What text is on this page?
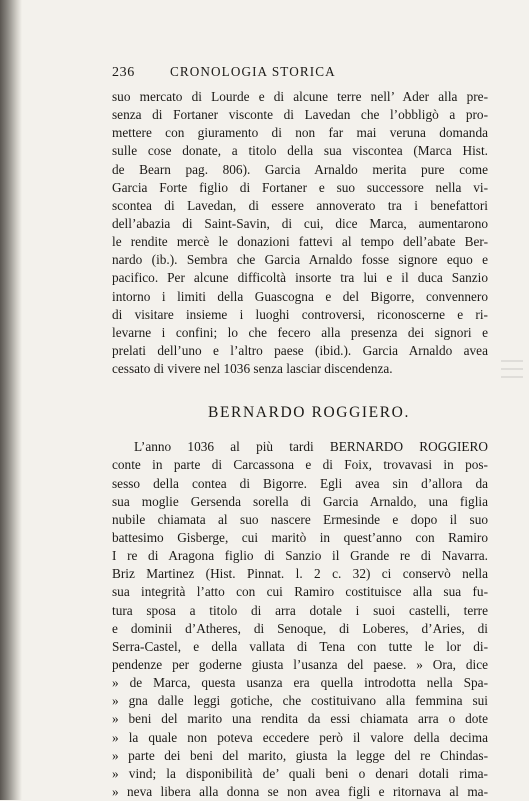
236	CRONOLOGIA STORICA
suo mercato di Lourde e di alcune terre nell’ Ader alla pre-
senza di Fortaner visconte di Lavedan che l’obbligò a pro-
mettere con giuramento di non far mai veruna domanda
sulle cose donate, a titolo della sua viscontea (Marca Hist.
de Bearn pag. 806). Garcia Arnaldo merita pure come
Garcia Forte figlio di Fortaner e suo successore nella vi-
scontea di Lavedan, di essere annoverato tra i benefattori
dell’abazia di Saint-Savin, di cui, dice Marca, aumentarono
le rendite mercè le donazioni fattevi al tempo dell’abate Ber-
nardo (ib.). Sembra che Garcia Arnaldo fosse signore equo e
pacifico. Per alcune difficoltà insorte tra lui e il duca Sanzio
intorno i limiti della Guascogna e del Bigorre, convennero
di visitare insieme i luoghi controversi, riconoscerne e ri-
levarne i confini; lo che fecero alla presenza dei signori e
prelati dell’uno e l’altro paese (ibid.). Garcia Arnaldo avea
cessato di vivere nel 1036 senza lasciar discendenza.
BERNARDO ROGGIERO.
L’anno 1036 al più tardi BERNARDO ROGGIERO
conte in parte di Carcassona e di Foix, trovavasi in pos-
sesso della contea di Bigorre. Egli avea sin d’allora da
sua moglie Gersenda sorella di Garcia Arnaldo, una figlia
nubile chiamata al suo nascere Ermesinde e dopo il suo
battesimo Gisberge, cui maritò in quest’anno con Ramiro
I re di Aragona figlio di Sanzio il Grande re di Navarra.
Briz Martinez (Hist. Pinnat. l. 2 c. 32) ci conservò nella
sua integrità l’atto con cui Ramiro costituisce alla sua fu-
tura sposa a titolo di arra dotale i suoi castelli, terre
e dominii d’Atheres, di Senoque, di Loberes, d’Aries, di
Serra-Castel, e della vallata di Tena con tutte le lor di-
pendenze per goderne giusta l’usanza del paese. » Ora, dice
» de Marca, questa usanza era quella introdotta nella Spa-
» gna dalle leggi gotiche, che costituivano alla femmina sui
» beni del marito una rendita da essi chiamata arra o dote
» la quale non poteva eccedere però il valore della decima
» parte dei beni del marito, giusta la legge del re Chindas-
» vind; la disponibilità de’ quali beni o denari dotali rima-
» neva libera alla donna se non avea figli e ritornava al ma-
